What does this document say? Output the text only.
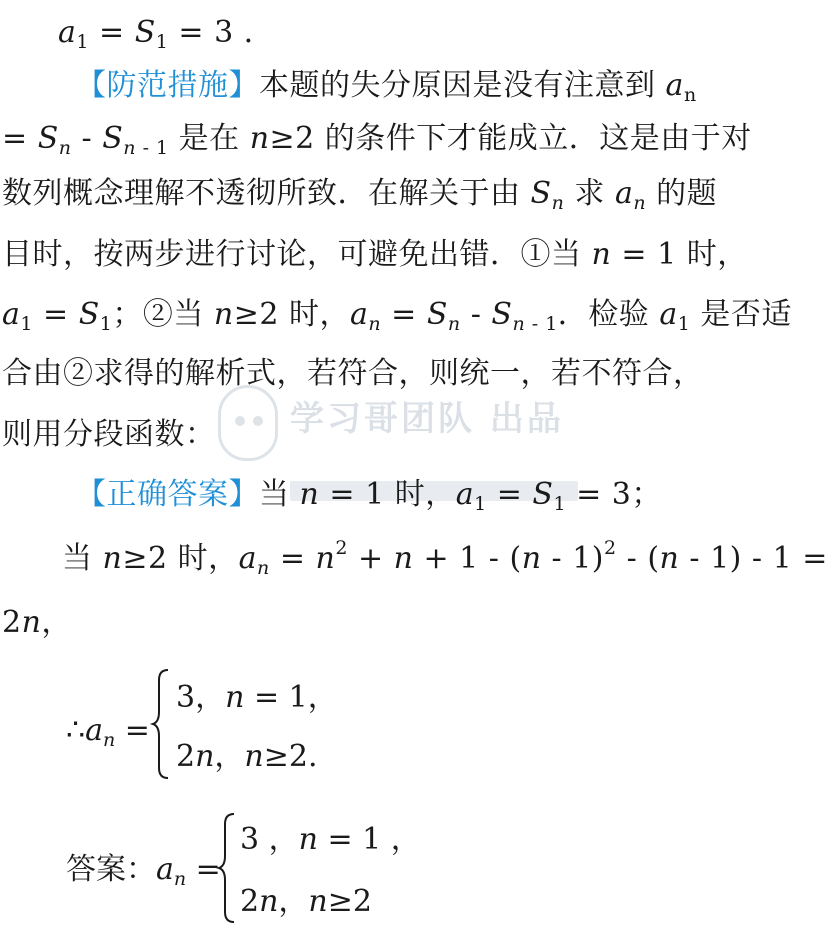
学习哥团队 出品
$a_1 = S_1 = 3$ ．
【防范措施】本题的失分原因是没有注意到 $a_n$
= $S_n - S_{n - 1}$ 是在 n≥2 的条件下才能成立．这是由于对
数列概念理解不透彻所致．在解关于由 $S_n$ 求 $a_n$ 的题
目时，按两步进行讨论，可避免出错．①当 n = 1 时，
$a_1 = S_1$；②当 n≥2 时，$a_n = S_n - S_{n - 1}$．检验 $a_1$ 是否适
合由②求得的解析式，若符合，则统一，若不符合，
则用分段函数：
【正确答案】当 n = 1 时，$a_1 = S_1 = 3$；
当 n≥2 时，$a_n = n^2 + n + 1 - (n - 1)^2 - (n - 1) - 1$ =
2n，
$\therefore a_n$ =
3，n = 1，
2n，n≥2.
答案：$a_n$ =
3 ，n = 1 ，
2n，n≥2
